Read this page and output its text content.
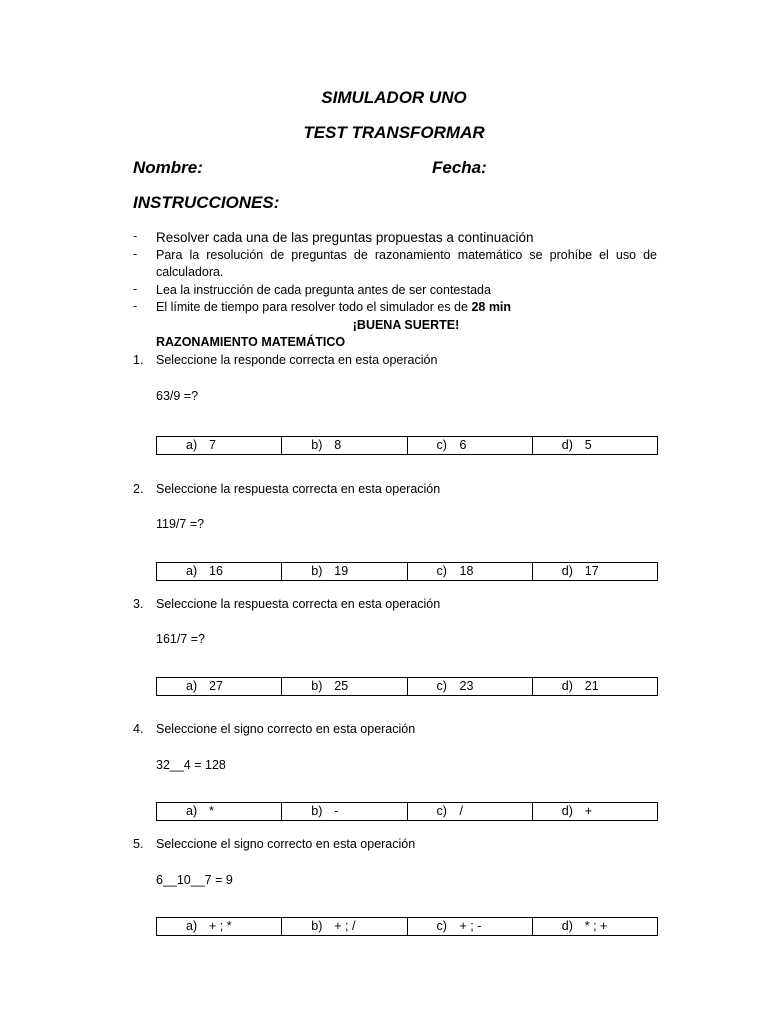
SIMULADOR UNO
TEST TRANSFORMAR
Nombre:	Fecha:
INSTRUCCIONES:
- Resolver cada una de las preguntas propuestas a continuación
- Para la resolución de preguntas de razonamiento matemático se prohíbe el uso de
calculadora.
- Lea la instrucción de cada pregunta antes de ser contestada
- El límite de tiempo para resolver todo el simulador es de 28 min
¡BUENA SUERTE!
RAZONAMIENTO MATEMÁTICO
1. Seleccione la responde correcta en esta operación
63/9 =?
a) 7	b) 8	c) 6	d) 5
2. Seleccione la respuesta correcta en esta operación
119/7 =?
a) 16	b) 19	c) 18	d) 17
3. Seleccione la respuesta correcta en esta operación
161/7 =?
a) 27	b) 25	c) 23	d) 21
4. Seleccione el signo correcto en esta operación
32__4 = 128
a) *	b) -	c) /	d) +
5. Seleccione el signo correcto en esta operación
6__10__7 = 9
a) + ; *	b) + ; /	c) + ; -	d) * ; +
